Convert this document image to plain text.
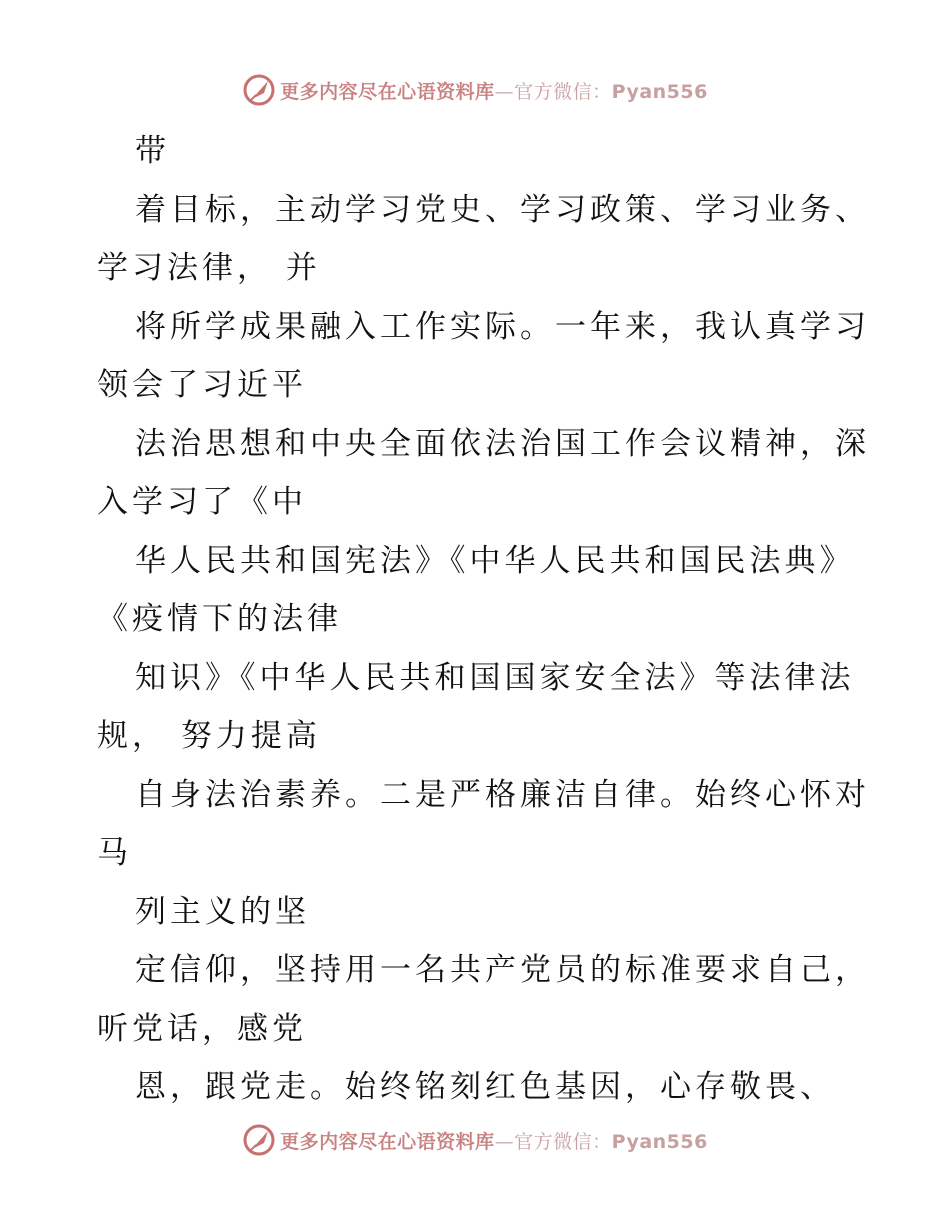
更多内容尽在心语资料库—官方微信：Pyan556
带
着目标，主动学习党史、学习政策、学习业务、
学习法律， 并
将所学成果融入工作实际。一年来，我认真学习
领会了习近平
法治思想和中央全面依法治国工作会议精神，深
入学习了《中
华人民共和国宪法》《中华人民共和国民法典》
《疫情下的法律
知识》《中华人民共和国国家安全法》等法律法
规， 努力提高
自身法治素养。二是严格廉洁自律。始终心怀对
马
列主义的坚
定信仰，坚持用一名共产党员的标准要求自己，
听党话，感党
恩，跟党走。始终铭刻红色基因，心存敬畏、
更多内容尽在心语资料库—官方微信：Pyan556
